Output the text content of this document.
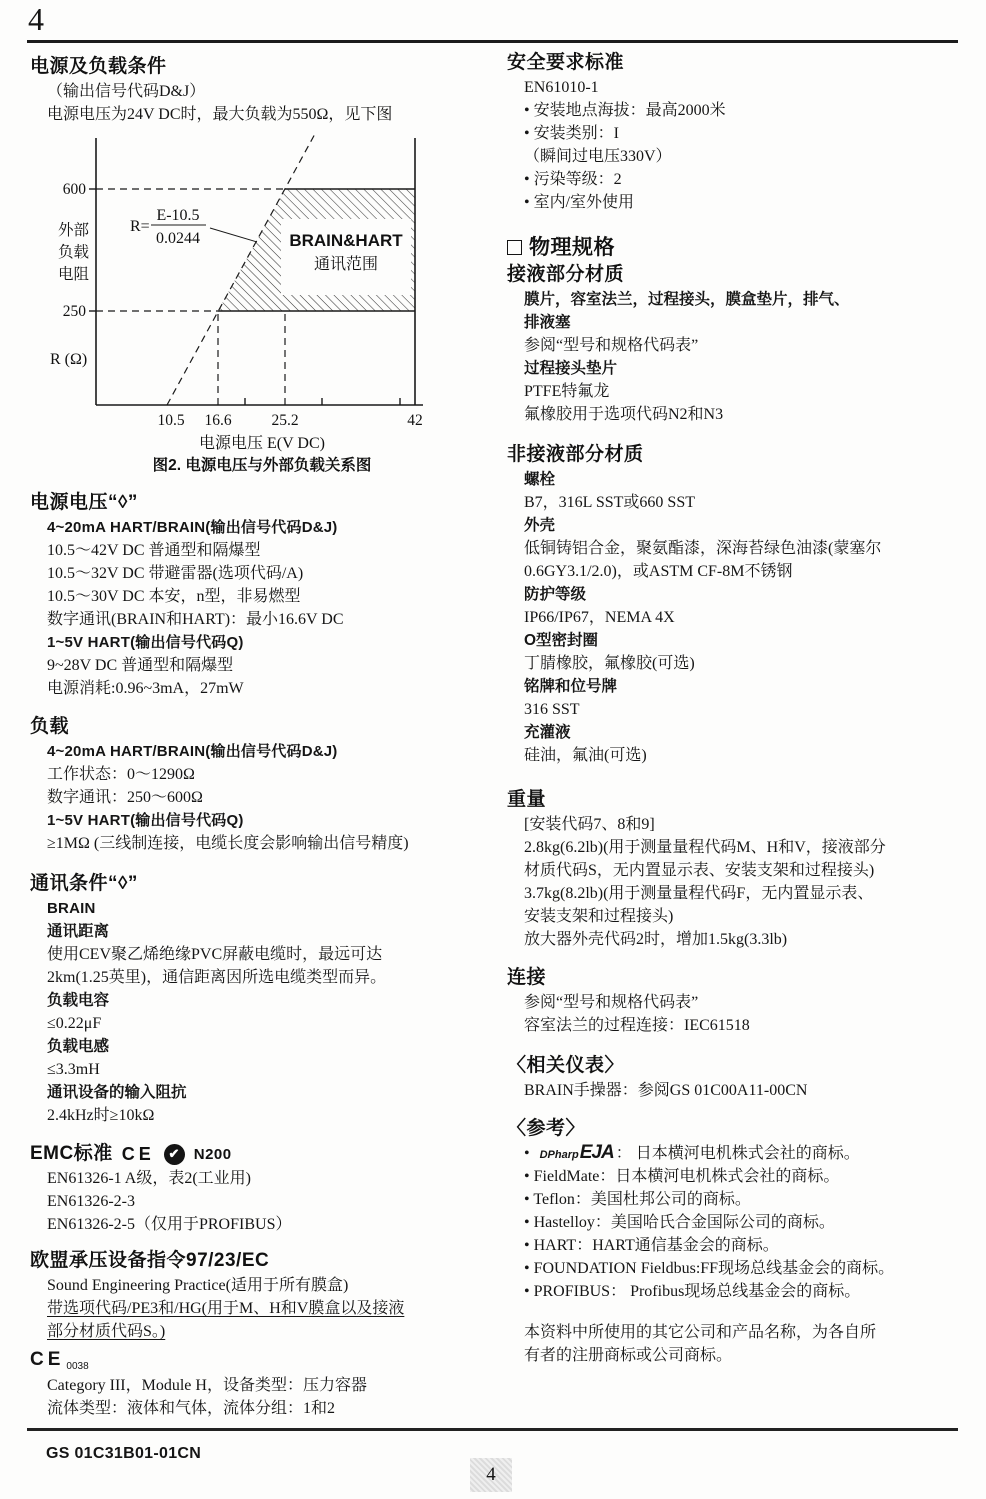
4
电源及负载条件
（输出信号代码D&J）
电源电压为24V DC时，最大负载为550Ω，见下图
BRAIN&HART
通讯范围
R=
E-10.5
0.0244
600
250
外部
负载
电阻
R (Ω)
10.5 16.6	25.2	42
电源电压 E(V DC)
图2. 电源电压与外部负载关系图
电源电压“◊”
4~20mA HART/BRAIN(输出信号代码D&J)
10.5～42V DC 普通型和隔爆型
10.5～32V DC 带避雷器(选项代码/A)
10.5～30V DC 本安，n型，非易燃型
数字通讯(BRAIN和HART)：最小16.6V DC
1~5V HART(输出信号代码Q)
9~28V DC 普通型和隔爆型
电源消耗:0.96~3mA，27mW
负载
4~20mA HART/BRAIN(输出信号代码D&J)
工作状态：0～1290Ω
数字通讯：250～600Ω
1~5V HART(输出信号代码Q)
≥1MΩ (三线制连接，电缆长度会影响输出信号精度)
通讯条件“◊”
BRAIN
通讯距离
使用CEV聚乙烯绝缘PVC屏蔽电缆时，最远可达
2km(1.25英里)，通信距离因所选电缆类型而异。
负载电容
≤0.22μF
负载电感
≤3.3mH
通讯设备的输入阻抗
2.4kHz时≥10kΩ
EMC标准 CE	✔ N200
EN61326-1 A级，表2(工业用)
EN61326-2-3
EN61326-2-5（仅用于PROFIBUS）
欧盟承压设备指令97/23/EC
Sound Engineering Practice(适用于所有膜盒)
带选项代码/PE3和/HG(用于M、H和V膜盒以及接液
部分材质代码S。)
CE $_{0038}$
Category III，Module H，设备类型：压力容器
流体类型：液体和气体，流体分组：1和2
安全要求标准
EN61010-1
• 安装地点海拔：最高2000米
• 安装类别：I
（瞬间过电压330V）
• 污染等级：2
• 室内/室外使用
物理规格
接液部分材质
膜片，容室法兰，过程接头，膜盒垫片，排气、
排液塞
参阅“型号和规格代码表”
过程接头垫片
PTFE特氟龙
氟橡胶用于选项代码N2和N3
非接液部分材质
螺栓
B7，316L SST或660 SST
外壳
低铜铸铝合金，聚氨酯漆，深海苔绿色油漆(蒙塞尔
0.6GY3.1/2.0)，或ASTM CF-8M不锈钢
防护等级
IP66/IP67，NEMA 4X
O型密封圈
丁腈橡胶，氟橡胶(可选)
铭牌和位号牌
316 SST
充灌液
硅油，氟油(可选)
重量
[安装代码7、8和9]
2.8kg(6.2lb)(用于测量量程代码M、H和V，接液部分
材质代码S，无内置显示表、安装支架和过程接头)
3.7kg(8.2lb)(用于测量量程代码F，无内置显示表、
安装支架和过程接头)
放大器外壳代码2时，增加1.5kg(3.3lb)
连接
参阅“型号和规格代码表”
容室法兰的过程连接：IEC61518
〈相关仪表〉
BRAIN手操器：参阅GS 01C00A11-00CN
〈参考〉
• DPharp EJA ： 日本横河电机株式会社的商标。
• FieldMate：日本横河电机株式会社的商标。
• Teflon：美国杜邦公司的商标。
• Hastelloy：美国哈氏合金国际公司的商标。
• HART：HART通信基金会的商标。
• FOUNDATION Fieldbus:FF现场总线基金会的商标。
• PROFIBUS： Profibus现场总线基金会的商标。
本资料中所使用的其它公司和产品名称，为各自所
有者的注册商标或公司商标。
GS 01C31B01-01CN
4
